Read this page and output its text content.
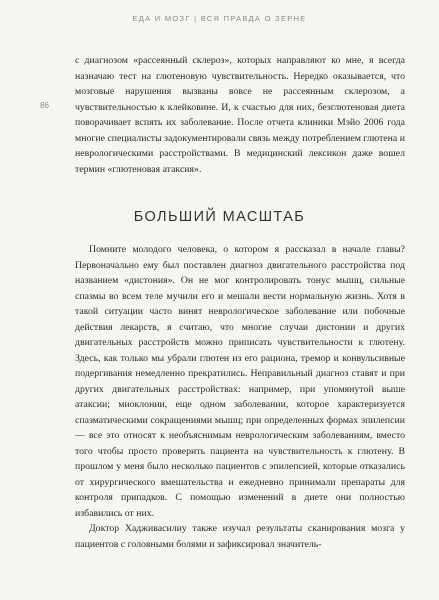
ЕДА И МОЗГ | ВСЯ ПРАВДА О ЗЕРНЕ
86

с диагнозом «рассеянный склероз», которых направляют ко мне, я всегда назначаю тест на глютеновую чувствительность. Нередко оказывается, что мозговые нарушения вызваны вовсе не рассеянным склерозом, а чувствительностью к клейковине. И, к счастью для них, безглютеновая диета поворачивает вспять их заболевание. После отчета клиники Мэйо 2006 года многие специалисты задокументировали связь между потреблением глютена и неврологическими расстройствами. В медицинский лексикон даже вошел термин «глютеновая атаксия».

БОЛЬШИЙ МАСШТАБ

Помните молодого человека, о котором я рассказал в начале главы? Первоначально ему был поставлен диагноз двигательного расстройства под названием «дистония». Он не мог контролировать тонус мышц, сильные спазмы во всем теле мучили его и мешали вести нормальную жизнь. Хотя в такой ситуации часто винят неврологическое заболевание или побочные действия лекарств, я считаю, что многие случаи дистонии и других двигательных расстройств можно приписать чувствительности к глютену. Здесь, как только мы убрали глютен из его рациона, тремор и конвульсивные подергивания немедленно прекратились. Неправильный диагноз ставят и при других двигательных расстройствах: например, при упомянутой выше атаксии; миоклонии, еще одном заболевании, которое характеризуется спазматическими сокращениями мышц; при определенных формах эпилепсии — все это относят к необъяснимым неврологическим заболеваниям, вместо того чтобы просто проверить пациента на чувствительность к глютену. В прошлом у меня было несколько пациентов с эпилепсией, которые отказались от хирургического вмешательства и ежедневно принимали препараты для контроля припадков. С помощью изменений в диете они полностью избавились от них.

Доктор Хадживасилиу также изучал результаты сканирования мозга у пациентов с головными болями и зафиксировал значитель-
